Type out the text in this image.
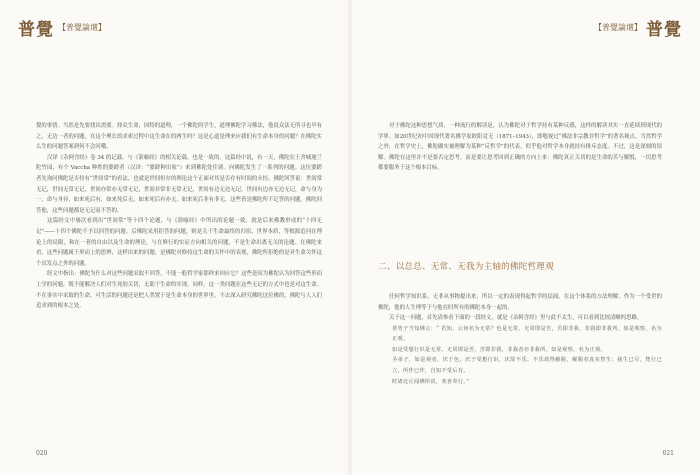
普覺 【普覺論壇】

覺的事情。当然是先要找出需要。择众生命，因特的道理，一个佛陀的学生，道理佛陀学习佛法，他说众法无所寻也早有之，无边一者的问题，在这个理长的求索过程中这生命在的两生吗？这是心道是理来应我们有生命本身的问题？在佛陀实么生的问题答案到何不会问哦。

汉译《杂阿含经》卷 34 的记载，与《箭喻经》的相关论载，也是一致的。这篇经中说，有一天，佛陀在王舍城迦兰陀竹园，有个 Vaccha 种姓的婆蹉者（汉译：“婆蹉种出家”）来到佛陀处往诸。向佛陀发生了一系列的问题。这位婆蹉者先询问佛陀是否持有“世间常”的看法，也就是世间恒存的理论这个正面对其是否存有时间的永恒。佛陀回答说：世间常无记，世间无常无记，世间亦常亦无常无记，世间非常非无常无记，世间有边无边无记，世间有边亦无边无记，命与身为一，命与身异，如来死后有，如来死后无，如来死后有亦无，如来死后非有非无，这些皆是佛陀所不记答的问题。佛陀回答他，这些问题都是无记而不答的。

这篇经文中屡次看到出“世间常”等十四个论题，与《箭喻经》中所出的论题一致，就是后来佛教形成的“十四无记”——十四个佛陀不予以回答的问题。后佛陀采用拒答的问题，则是关于生命最终的归宿、世界本质，等根源追问在理论上的局限，和在一者的自由以及生命的理论，与在修行的实证方向相关的问题，不是生命出离无关的论题。在佛陀来看，这些问题属于形而上的思辨，这样出来的问题，是佛陀对修持这生命的关怀中的表现，佛陀所拒绝的是对生命关怀这个出发点之外的问题。

经文中指出：佛陀为什么对这些问题采取不回答，不能一般哲学家那样来回应它？这些是因为佛陀认为回答这些形而上学的问题，既不能解决人们对生死的关切，无助于生命的实现。同样，这一类问题在这些无记的方式中也是对这生命。不在事实中采取的生命，可生活的问题还是把人类置于是生命本身的世界里，不去深入研究佛陀这位佛的，佛陀与人人们追求到的根本之处。

020
【普覺論壇】 普覺

对于佛陀这种思想气质，一种流行的解读是，认为佛陀对于哲学持有某种反感，这样的解读其实一直延续到现代的学界。如20世纪初中国现代著名佛学家欧阳竟无（1871–1943），即嗤视过“佛法非宗教非哲学”的著名观点。当然哲学之外，在哲学史上，佛陀确实被理解为某种“反哲学”的代表，似乎他对哲学本身就持有排斥态度。不过，这是深刻的误解。佛陀在这里并不是要否定思考，而是要让思考回到正确的方向上来：佛陀真正关切的是生命的苦与解脱，一切思考都要服务于这个根本目标。

二、以总总、无常、无我为主轴的佛陀哲理观

任何哲学知识系，无非从事物提出来，所以一定的表现得起哲学的层面，在这个体系的方法理解。作为一个受世的佛陀，他的人生理等于与他在时所有的佛陀本身一起的。

关于这一问题，首先请参看下面的一段经文，就是《杂阿含经》里与此不太生，可以看到比较清晰的思路。

善男子当知佛言：“ 若知，云何名为无常？色是无常，无常即是苦，苦即非我，非我即非我所。如是观察，名为正观。

如是受想行识是无常，无常即是苦，苦即非我，非我者亦非我所。如是观察，名为正观。

圣弟子，如是观者，厌于色，厌于受想行识，厌故不乐，不乐故得解脱，解脱者真实智生：我生已尽，梵行已立，所作已作，自知不受后有。

时诸比丘闻佛所说，欢喜奉行。”

021
